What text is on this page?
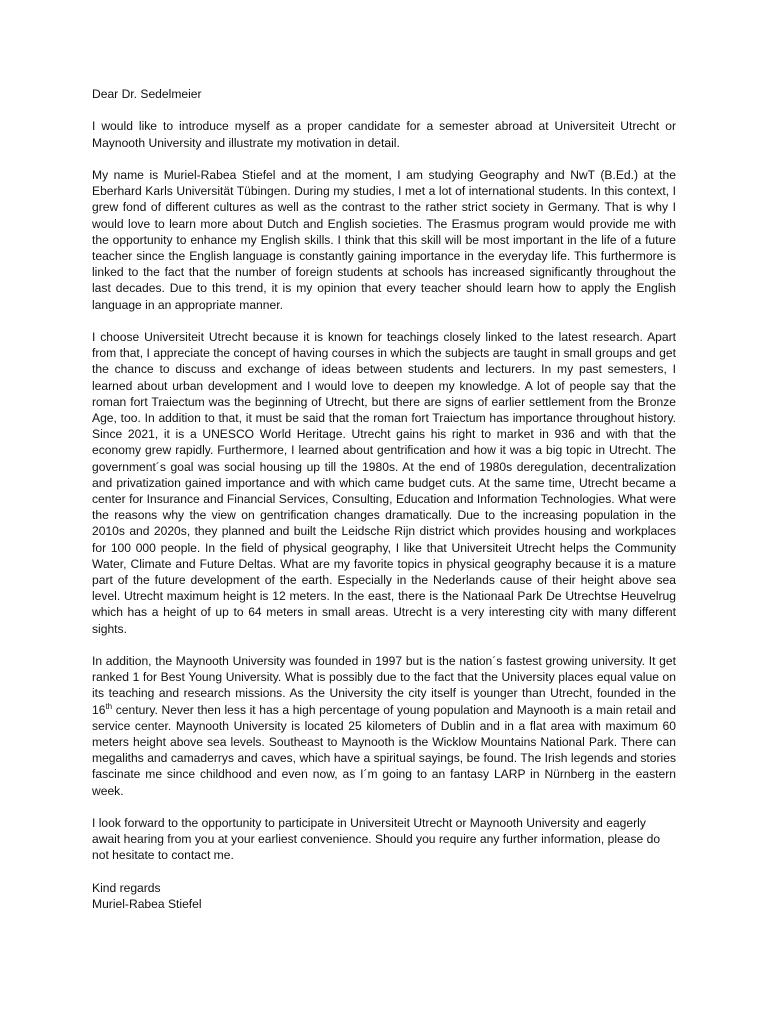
Dear Dr. Sedelmeier

I would like to introduce myself as a proper candidate for a semester abroad at Universiteit Utrecht or Maynooth University and illustrate my motivation in detail.

My name is Muriel-Rabea Stiefel and at the moment, I am studying Geography and NwT (B.Ed.) at the Eberhard Karls Universität Tübingen. During my studies, I met a lot of international students. In this context, I grew fond of different cultures as well as the contrast to the rather strict society in Germany. That is why I would love to learn more about Dutch and English societies. The Erasmus program would provide me with the opportunity to enhance my English skills. I think that this skill will be most important in the life of a future teacher since the English language is constantly gaining importance in the everyday life. This furthermore is linked to the fact that the number of foreign students at schools has increased significantly throughout the last decades. Due to this trend, it is my opinion that every teacher should learn how to apply the English language in an appropriate manner.

I choose Universiteit Utrecht because it is known for teachings closely linked to the latest research. Apart from that, I appreciate the concept of having courses in which the subjects are taught in small groups and get the chance to discuss and exchange of ideas between students and lecturers. In my past semesters, I learned about urban development and I would love to deepen my knowledge. A lot of people say that the roman fort Traiectum was the beginning of Utrecht, but there are signs of earlier settlement from the Bronze Age, too. In addition to that, it must be said that the roman fort Traiectum has importance throughout history. Since 2021, it is a UNESCO World Heritage. Utrecht gains his right to market in 936 and with that the economy grew rapidly. Furthermore, I learned about gentrification and how it was a big topic in Utrecht. The government´s goal was social housing up till the 1980s. At the end of 1980s deregulation, decentralization and privatization gained importance and with which came budget cuts. At the same time, Utrecht became a center for Insurance and Financial Services, Consulting, Education and Information Technologies. What were the reasons why the view on gentrification changes dramatically. Due to the increasing population in the 2010s and 2020s, they planned and built the Leidsche Rijn district which provides housing and workplaces for 100 000 people. In the field of physical geography, I like that Universiteit Utrecht helps the Community Water, Climate and Future Deltas. What are my favorite topics in physical geography because it is a mature part of the future development of the earth. Especially in the Nederlands cause of their height above sea level. Utrecht maximum height is 12 meters. In the east, there is the Nationaal Park De Utrechtse Heuvelrug which has a height of up to 64 meters in small areas. Utrecht is a very interesting city with many different sights.

In addition, the Maynooth University was founded in 1997 but is the nation´s fastest growing university. It get ranked 1 for Best Young University. What is possibly due to the fact that the University places equal value on its teaching and research missions. As the University the city itself is younger than Utrecht, founded in the 16th century. Never then less it has a high percentage of young population and Maynooth is a main retail and service center. Maynooth University is located 25 kilometers of Dublin and in a flat area with maximum 60 meters height above sea levels. Southeast to Maynooth is the Wicklow Mountains National Park. There can megaliths and camaderrys and caves, which have a spiritual sayings, be found. The Irish legends and stories fascinate me since childhood and even now, as I´m going to an fantasy LARP in Nürnberg in the eastern week.

I look forward to the opportunity to participate in Universiteit Utrecht or Maynooth University and eagerly await hearing from you at your earliest convenience. Should you require any further information, please do not hesitate to contact me.

Kind regards

Muriel-Rabea Stiefel
